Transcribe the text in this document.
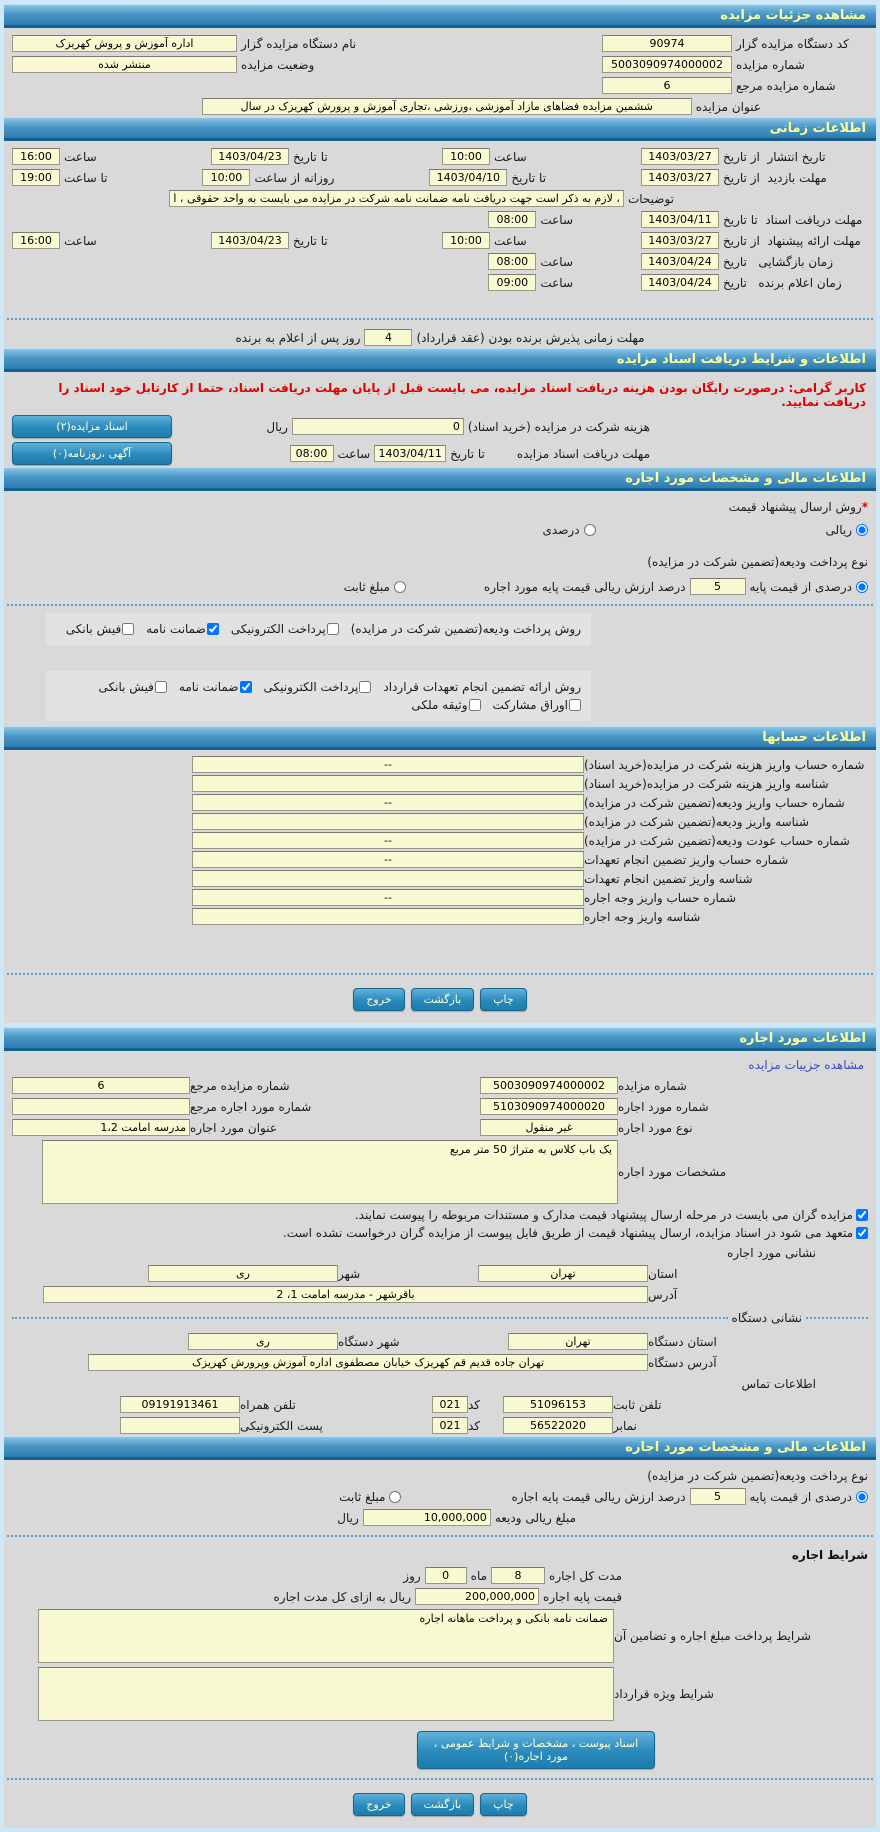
مشاهده جزئیات مزایده
کد دستگاه مزایده گزار
90974
نام دستگاه مزایده گزار
اداره آموزش و پروش کهریزک
شماره مزایده
5003090974000002
وضعیت مزایده
منتشر شده
شماره مزایده مرجع
6
عنوان مزایده
ششمین مزایده فضاهای مازاد آموزشی ،ورزشی ،تجاری آموزش و پرورش کهریزک در سال
اطلاعات زمانی
تاریخ انتشار  از تاریخ
1403/03/27
ساعت
10:00
تا تاریخ
1403/04/23
ساعت
16:00
مهلت بازدید  از تاریخ
1403/03/27
تا تاریخ
1403/04/10
روزانه از ساعت
10:00
تا ساعت
19:00
توضیحات
، لازم به ذکر است جهت دریافت نامه ضمانت نامه شرکت در مزایده می بایست به واحد حقوقی ، اداره مراجعه نمایید
مهلت دریافت اسناد  تا تاریخ
1403/04/11
ساعت
08:00
مهلت ارائه پیشنهاد  از تاریخ
1403/03/27
ساعت
10:00
تا تاریخ
1403/04/23
ساعت
16:00
زمان بازگشایی   تاریخ
1403/04/24
ساعت
08:00
زمان اعلام برنده   تاریخ
1403/04/24
ساعت
09:00
مهلت زمانی پذیرش برنده بودن (عقد قرارداد)
4
روز پس از اعلام به برنده
اطلاعات و شرایط دریافت اسناد مزایده
کاربر گرامی: درصورت رایگان بودن هزینه دریافت اسناد مزایده، می بایست قبل از پایان مهلت دریافت اسناد، حتما از کارتابل خود اسناد را دریافت نمایید.
هزینه شرکت در مزایده (خرید اسناد)
0
ریال
اسناد مزایده(۲)
مهلت دریافت اسناد مزایده
تا تاریخ
1403/04/11
ساعت
08:00
آگهی ،روزنامه(۰)
اطلاعات مالی و مشخصات مورد اجاره
*
روش ارسال پیشنهاد قیمت
ریالی
درصدی
نوع پرداخت ودیعه(تضمین شرکت در مزایده)
درصدی از قیمت پایه
5
درصد ارزش ریالی قیمت پایه مورد اجاره
مبلغ ثابت
روش پرداخت ودیعه(تضمین شرکت در مزایده)
پرداخت الکترونیکی
ضمانت نامه
فیش بانکی
روش ارائه تضمین انجام تعهدات قرارداد
پرداخت الکترونیکی
ضمانت نامه
فیش بانکی
اوراق مشارکت
وثیقه ملکی
اطلاعات حسابها
شماره حساب واریز هزینه شرکت در مزایده(خرید اسناد)
--
شناسه واریز هزینه شرکت در مزایده(خرید اسناد)
شماره حساب واریز ودیعه(تضمین شرکت در مزایده)
--
شناسه واریز ودیعه(تضمین شرکت در مزایده)
شماره حساب عودت ودیعه(تضمین شرکت در مزایده)
--
شماره حساب واریز تضمین انجام تعهدات
--
شناسه واریز تضمین انجام تعهدات
شماره حساب واریز وجه اجاره
--
شناسه واریز وجه اجاره
چاپ
بازگشت
خروج
اطلاعات مورد اجاره
مشاهده جزییات مزایده
شماره مزایده
5003090974000002
شماره مزایده مرجع
6
شماره مورد اجاره
5103090974000020
شماره مورد اجاره مرجع
نوع مورد اجاره
غیر منقول
عنوان مورد اجاره
مدرسه امامت 1،2
مشخصات مورد اجاره
یک باب کلاس به متراژ 50 متر مربع
مزایده گران می بایست در مرحله ارسال پیشنهاد قیمت مدارک و مستندات مربوطه را پیوست نمایند.
متعهد می شود در اسناد مزایده، ارسال پیشنهاد قیمت از طریق فایل پیوست از مزایده گران درخواست نشده است.
نشانی مورد اجاره
استان
تهران
شهر
ری
آدرس
باقرشهر - مدرسه امامت 1، 2
نشانی دستگاه
استان دستگاه
تهران
شهر دستگاه
ری
آدرس دستگاه
تهران جاده قدیم قم کهریزک خیابان مصطفوی اداره آموزش وپرورش کهریزک
اطلاعات تماس
تلفن ثابت
51096153
کد
021
تلفن همراه
09191913461
نمابر
56522020
کد
021
پست الکترونیکی
اطلاعات مالی و مشخصات مورد اجاره
نوع پرداخت ودیعه(تضمین شرکت در مزایده)
درصدی از قیمت پایه
5
درصد ارزش ریالی قیمت پایه اجاره
مبلغ ثابت
مبلغ ریالی ودیعه
10,000,000
ریال
شرایط اجاره
مدت کل اجاره
8
ماه
0
روز
قیمت پایه اجاره
200,000,000
ریال به ازای کل مدت اجاره
شرایط پرداخت مبلغ اجاره و تضامین آن
ضمانت نامه بانکی و پرداخت ماهانه اجاره
شرایط ویژه قرارداد
اسناد پیوست ، مشخصات و شرایط عمومی ، مورد اجاره(۰)
چاپ
بازگشت
خروج
